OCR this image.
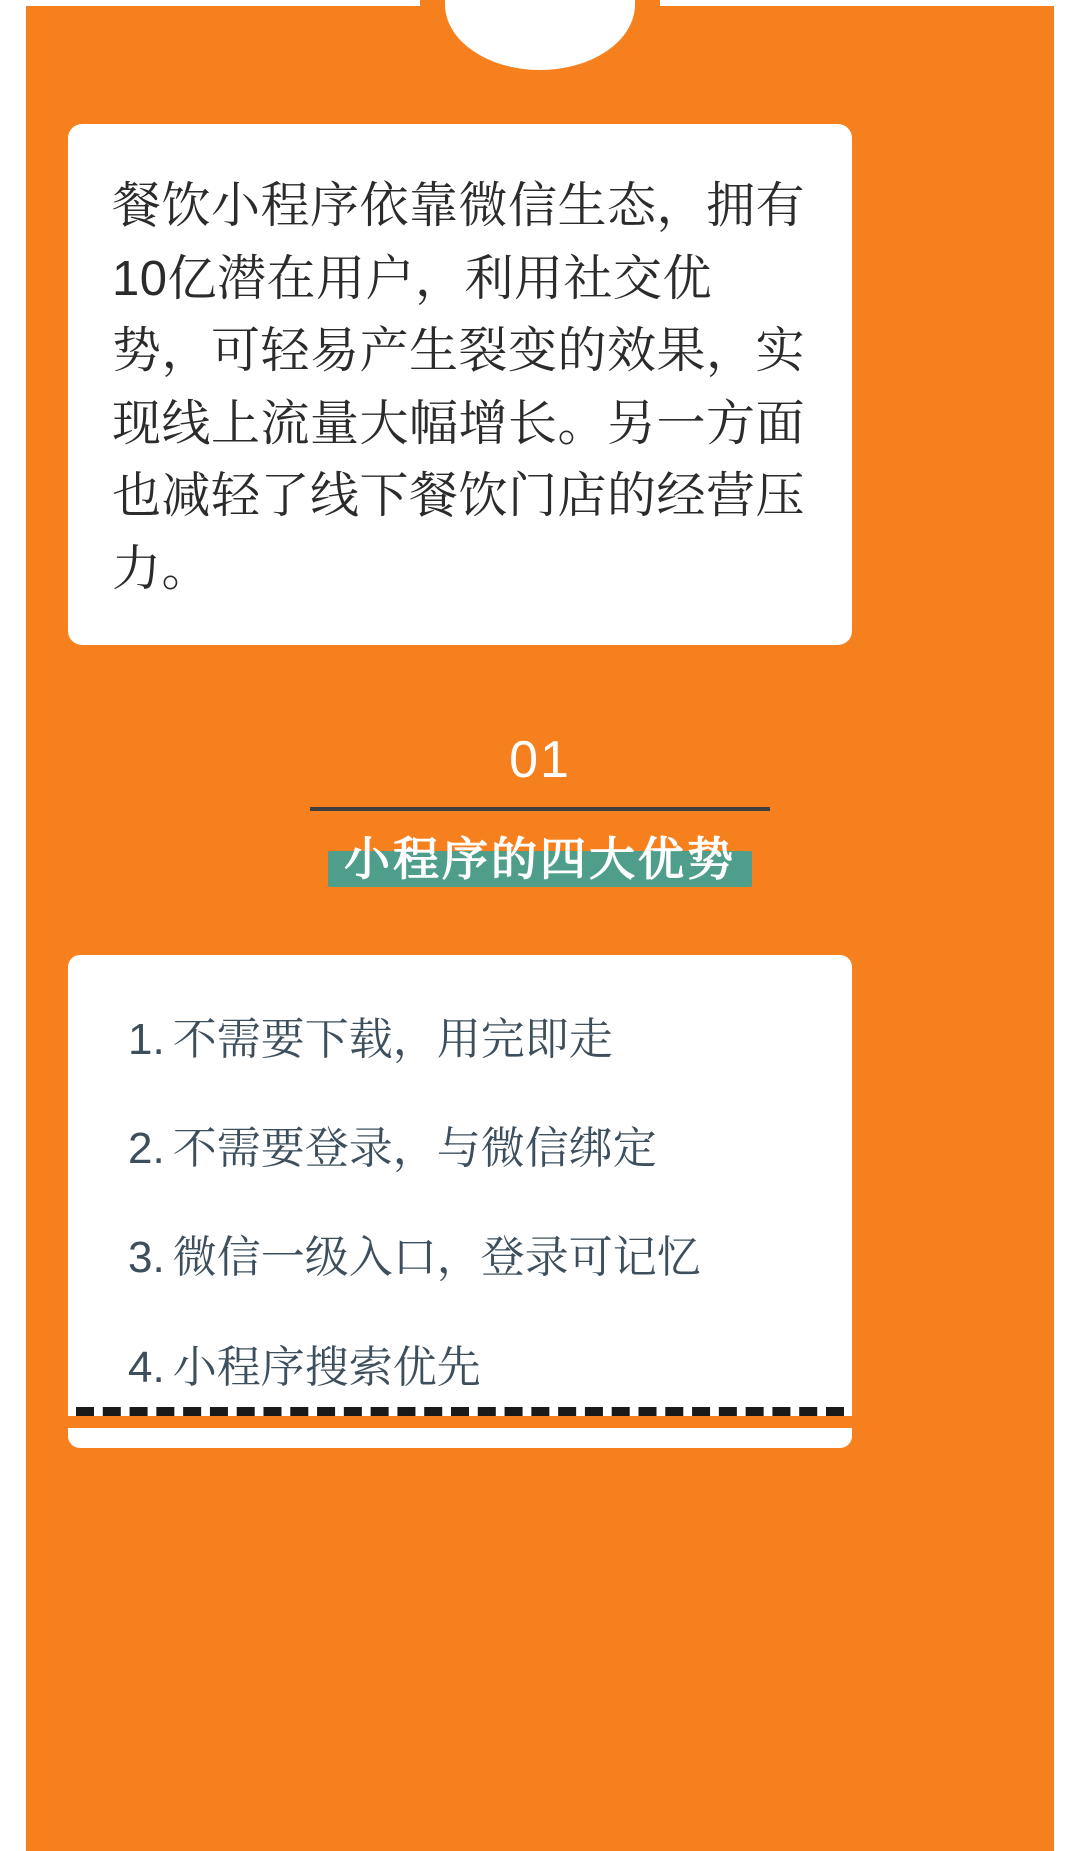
餐饮小程序依靠微信生态，拥有10亿潜在用户，利用社交优势，可轻易产生裂变的效果，实现线上流量大幅增长。另一方面也减轻了线下餐饮门店的经营压力。
01
小程序的四大优势
1. 不需要下载，用完即走
2. 不需要登录，与微信绑定
3. 微信一级入口，登录可记忆
4. 小程序搜索优先
